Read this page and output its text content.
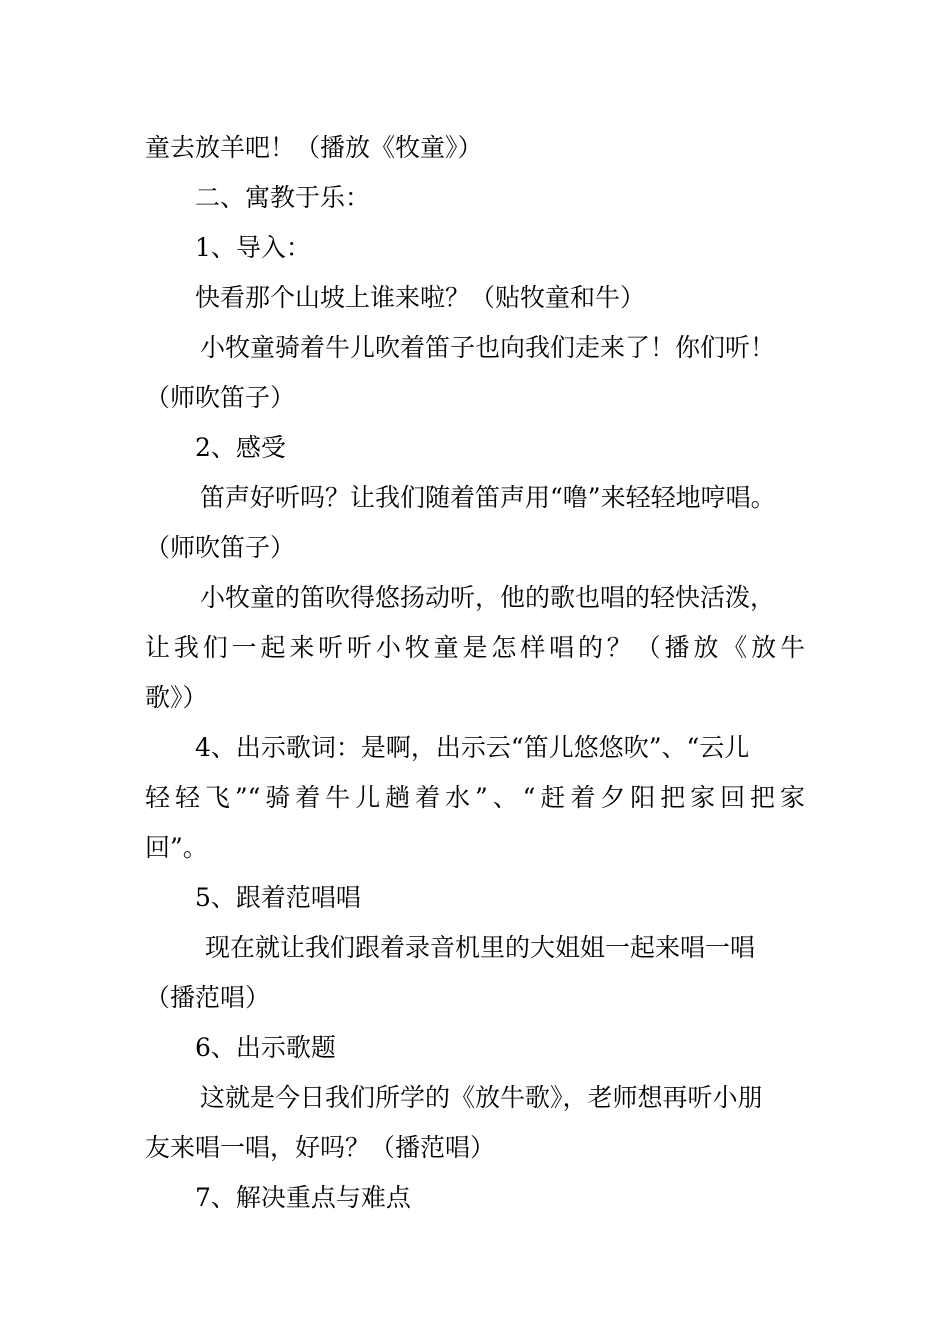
童去放羊吧！（播放《牧童》）
二、寓教于乐：
1、导入：
快看那个山坡上谁来啦？（贴牧童和牛）
小牧童骑着牛儿吹着笛子也向我们走来了！你们听！
（师吹笛子）
2、感受
笛声好听吗？让我们随着笛声用“噜”来轻轻地哼唱。
（师吹笛子）
小牧童的笛吹得悠扬动听，他的歌也唱的轻快活泼，
让我们一起来听听小牧童是怎样唱的？（播放《放牛
歌》）
4、出示歌词：是啊，出示云“笛儿悠悠吹”、“云儿
轻轻飞”“骑着牛儿趟着水”、“赶着夕阳把家回把家
回”。
5、跟着范唱唱
现在就让我们跟着录音机里的大姐姐一起来唱一唱
（播范唱）
6、出示歌题
这就是今日我们所学的《放牛歌》，老师想再听小朋
友来唱一唱，好吗？（播范唱）
7、解决重点与难点
